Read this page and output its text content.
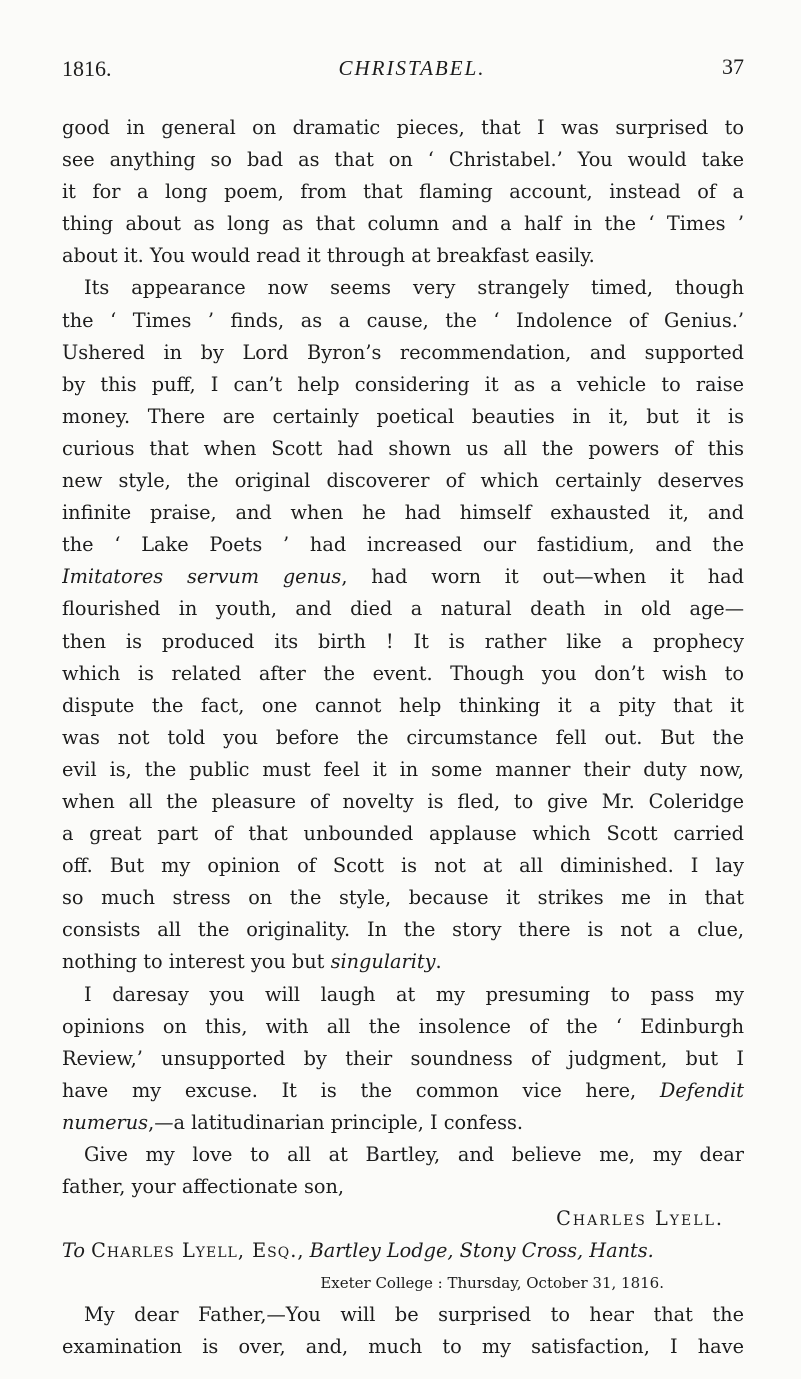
1816.	CHRISTABEL.	37
good in general on dramatic pieces, that I was surprised to
see anything so bad as that on ‘ Christabel.’ You would take
it for a long poem, from that flaming account, instead of a
thing about as long as that column and a half in the ‘ Times ’
about it. You would read it through at breakfast easily.
Its appearance now seems very strangely timed, though
the ‘ Times ’ finds, as a cause, the ‘ Indolence of Genius.’
Ushered in by Lord Byron’s recommendation, and supported
by this puff, I can’t help considering it as a vehicle to raise
money. There are certainly poetical beauties in it, but it is
curious that when Scott had shown us all the powers of this
new style, the original discoverer of which certainly deserves
infinite praise, and when he had himself exhausted it, and
the ‘ Lake Poets ’ had increased our fastidium, and the
Imitatores servum genus, had worn it out—when it had
flourished in youth, and died a natural death in old age—
then is produced its birth ! It is rather like a prophecy
which is related after the event. Though you don’t wish to
dispute the fact, one cannot help thinking it a pity that it
was not told you before the circumstance fell out. But the
evil is, the public must feel it in some manner their duty now,
when all the pleasure of novelty is fled, to give Mr. Coleridge
a great part of that unbounded applause which Scott carried
off. But my opinion of Scott is not at all diminished. I lay
so much stress on the style, because it strikes me in that
consists all the originality. In the story there is not a clue,
nothing to interest you but singularity.
I daresay you will laugh at my presuming to pass my
opinions on this, with all the insolence of the ‘ Edinburgh
Review,’ unsupported by their soundness of judgment, but I
have my excuse. It is the common vice here, Defendit
numerus,—a latitudinarian principle, I confess.
Give my love to all at Bartley, and believe me, my dear
father, your affectionate son,
Charles Lyell.
To Charles Lyell, Esq., Bartley Lodge, Stony Cross, Hants.
Exeter College : Thursday, October 31, 1816.
My dear Father,—You will be surprised to hear that the
examination is over, and, much to my satisfaction, I have
